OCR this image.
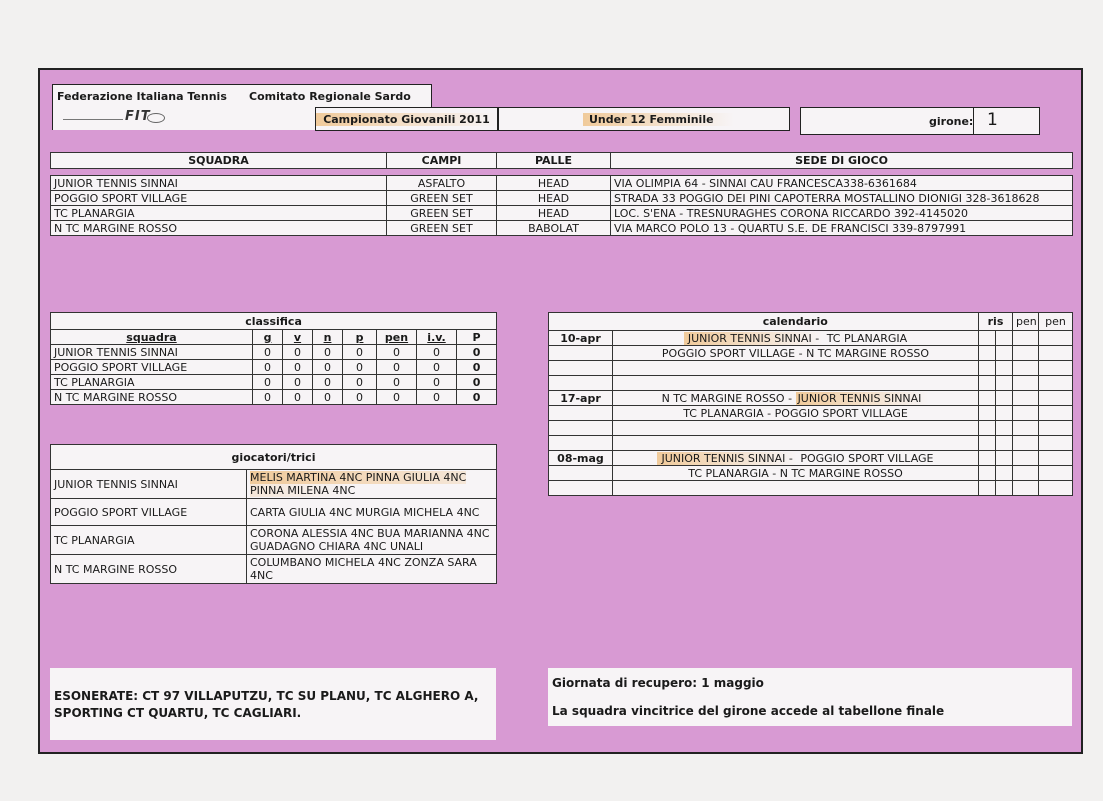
Federazione Italiana Tennis Comitato Regionale Sardo
FIT	Campionato Giovanili 2011	Under 12 Femminile	girone: 1
SQUADRA	CAMPI	PALLE	SEDE DI GIOCO

JUNIOR TENNIS SINNAI	ASFALTO	HEAD	VIA OLIMPIA 64 - SINNAI CAU FRANCESCA338-6361684
POGGIO SPORT VILLAGE	GREEN SET	HEAD	STRADA 33 POGGIO DEI PINI CAPOTERRA MOSTALLINO DIONIGI 328-3618628
TC PLANARGIA	GREEN SET	HEAD	LOC. S'ENA - TRESNURAGHES CORONA RICCARDO 392-4145020
N TC MARGINE ROSSO	GREEN SET	BABOLAT	VIA MARCO POLO 13 - QUARTU S.E. DE FRANCISCI 339-8797991
classifica							
squadra	g	v	n	p	pen	i.v.	P
JUNIOR TENNIS SINNAI	0	0	0	0	0	0	0
POGGIO SPORT VILLAGE	0	0	0	0	0	0	0
TC PLANARGIA	0	0	0	0	0	0	0
N TC MARGINE ROSSO	0	0	0	0	0	0	0
	calendario	ris		pen	pen
10-apr	JUNIOR TENNIS SINNAI - TC PLANARGIA				
	POGGIO SPORT VILLAGE - N TC MARGINE ROSSO				

17-apr	N TC MARGINE ROSSO - JUNIOR TENNIS SINNAI				
	TC PLANARGIA - POGGIO SPORT VILLAGE				

08-mag	JUNIOR TENNIS SINNAI - POGGIO SPORT VILLAGE				
	TC PLANARGIA - N TC MARGINE ROSSO				

giocatori/trici	
JUNIOR TENNIS SINNAI	MELIS MARTINA 4NC PINNA GIULIA 4NC PINNA MILENA 4NC
POGGIO SPORT VILLAGE	CARTA GIULIA 4NC MURGIA MICHELA 4NC
TC PLANARGIA	CORONA ALESSIA 4NC BUA MARIANNA 4NC GUADAGNO CHIARA 4NC UNALI
N TC MARGINE ROSSO	COLUMBANO MICHELA 4NC ZONZA SARA 4NC
ESONERATE: CT 97 VILLAPUTZU, TC SU PLANU, TC ALGHERO A, SPORTING CT QUARTU, TC CAGLIARI.
Giornata di recupero: 1 maggio
La squadra vincitrice del girone accede al tabellone finale
